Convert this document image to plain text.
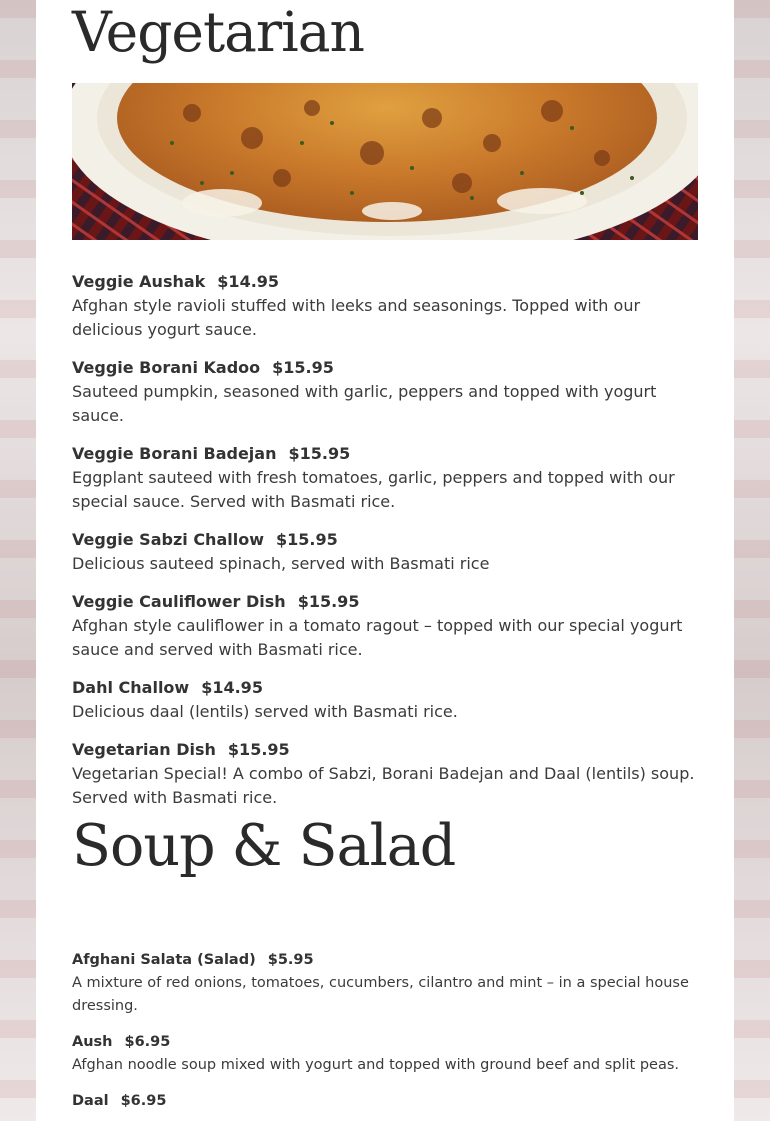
Vegetarian
Veggie Aushak $14.95
Afghan style ravioli stuffed with leeks and seasonings. Topped with our delicious yogurt sauce.
Veggie Borani Kadoo $15.95
Sauteed pumpkin, seasoned with garlic, peppers and topped with yogurt sauce.
Veggie Borani Badejan $15.95
Eggplant sauteed with fresh tomatoes, garlic, peppers and topped with our special sauce. Served with Basmati rice.
Veggie Sabzi Challow $15.95
Delicious sauteed spinach, served with Basmati rice
Veggie Cauliflower Dish $15.95
Afghan style cauliflower in a tomato ragout – topped with our special yogurt sauce and served with Basmati rice.
Dahl Challow $14.95
Delicious daal (lentils) served with Basmati rice.
Vegetarian Dish $15.95
Vegetarian Special! A combo of Sabzi, Borani Badejan and Daal (lentils) soup. Served with Basmati rice.
Soup & Salad
Afghani Salata (Salad) $5.95
A mixture of red onions, tomatoes, cucumbers, cilantro and mint – in a special house dressing.
Aush $6.95
Afghan noodle soup mixed with yogurt and topped with ground beef and split peas.
Daal $6.95
